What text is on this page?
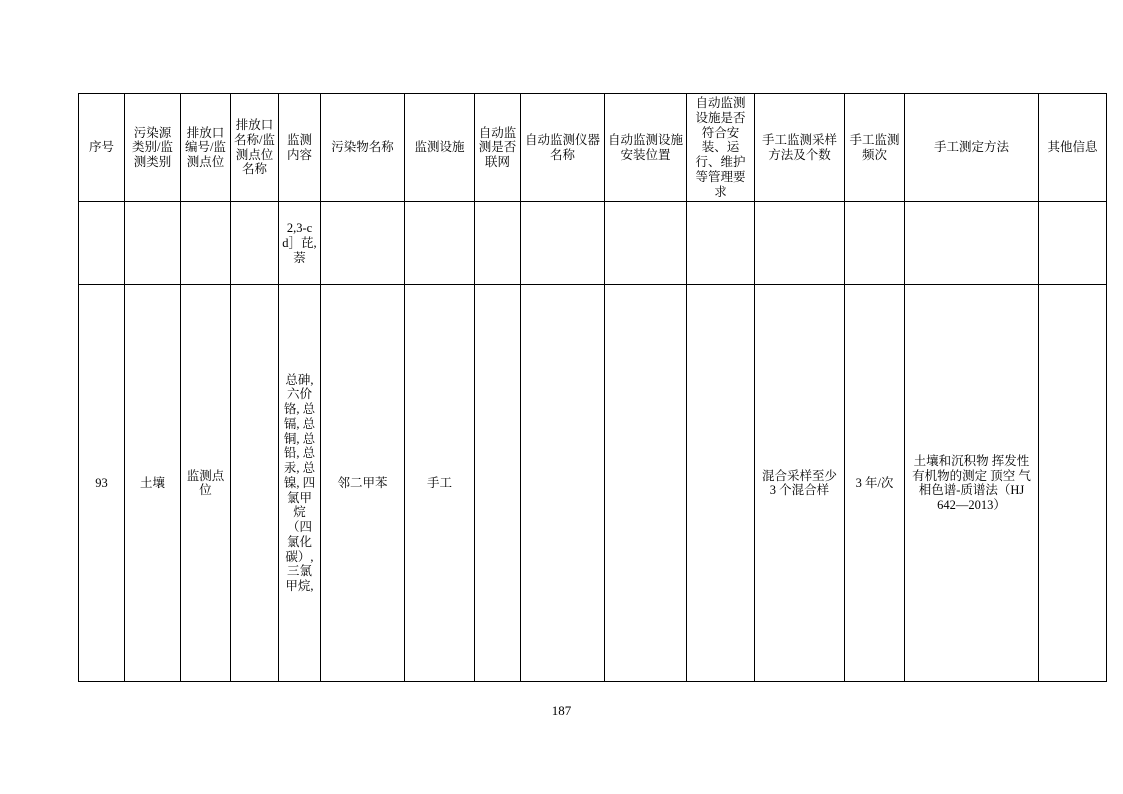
序号	污染源类别/监测类别	排放口编号/监测点位	排放口名称/监测点位名称	监测内容	污染物名称	监测设施	自动监测是否联网	自动监测仪器名称	自动监测设施安装位置	自动监测设施是否符合安装、运行、维护等管理要求	手工监测采样方法及个数	手工监测频次	手工测定方法	其他信息
				2,3-cd］芘, 萘										
93	土壤	监测点位		总砷, 六价铬, 总镉, 总铜, 总铅, 总汞, 总镍, 四氯甲烷（四氯化碳）, 三氯甲烷,	邻二甲苯	手工					混合采样至少 3 个混合样	3 年/次	土壤和沉积物 挥发性有机物的测定 顶空 气相色谱-质谱法（HJ 642—2013）	
187
